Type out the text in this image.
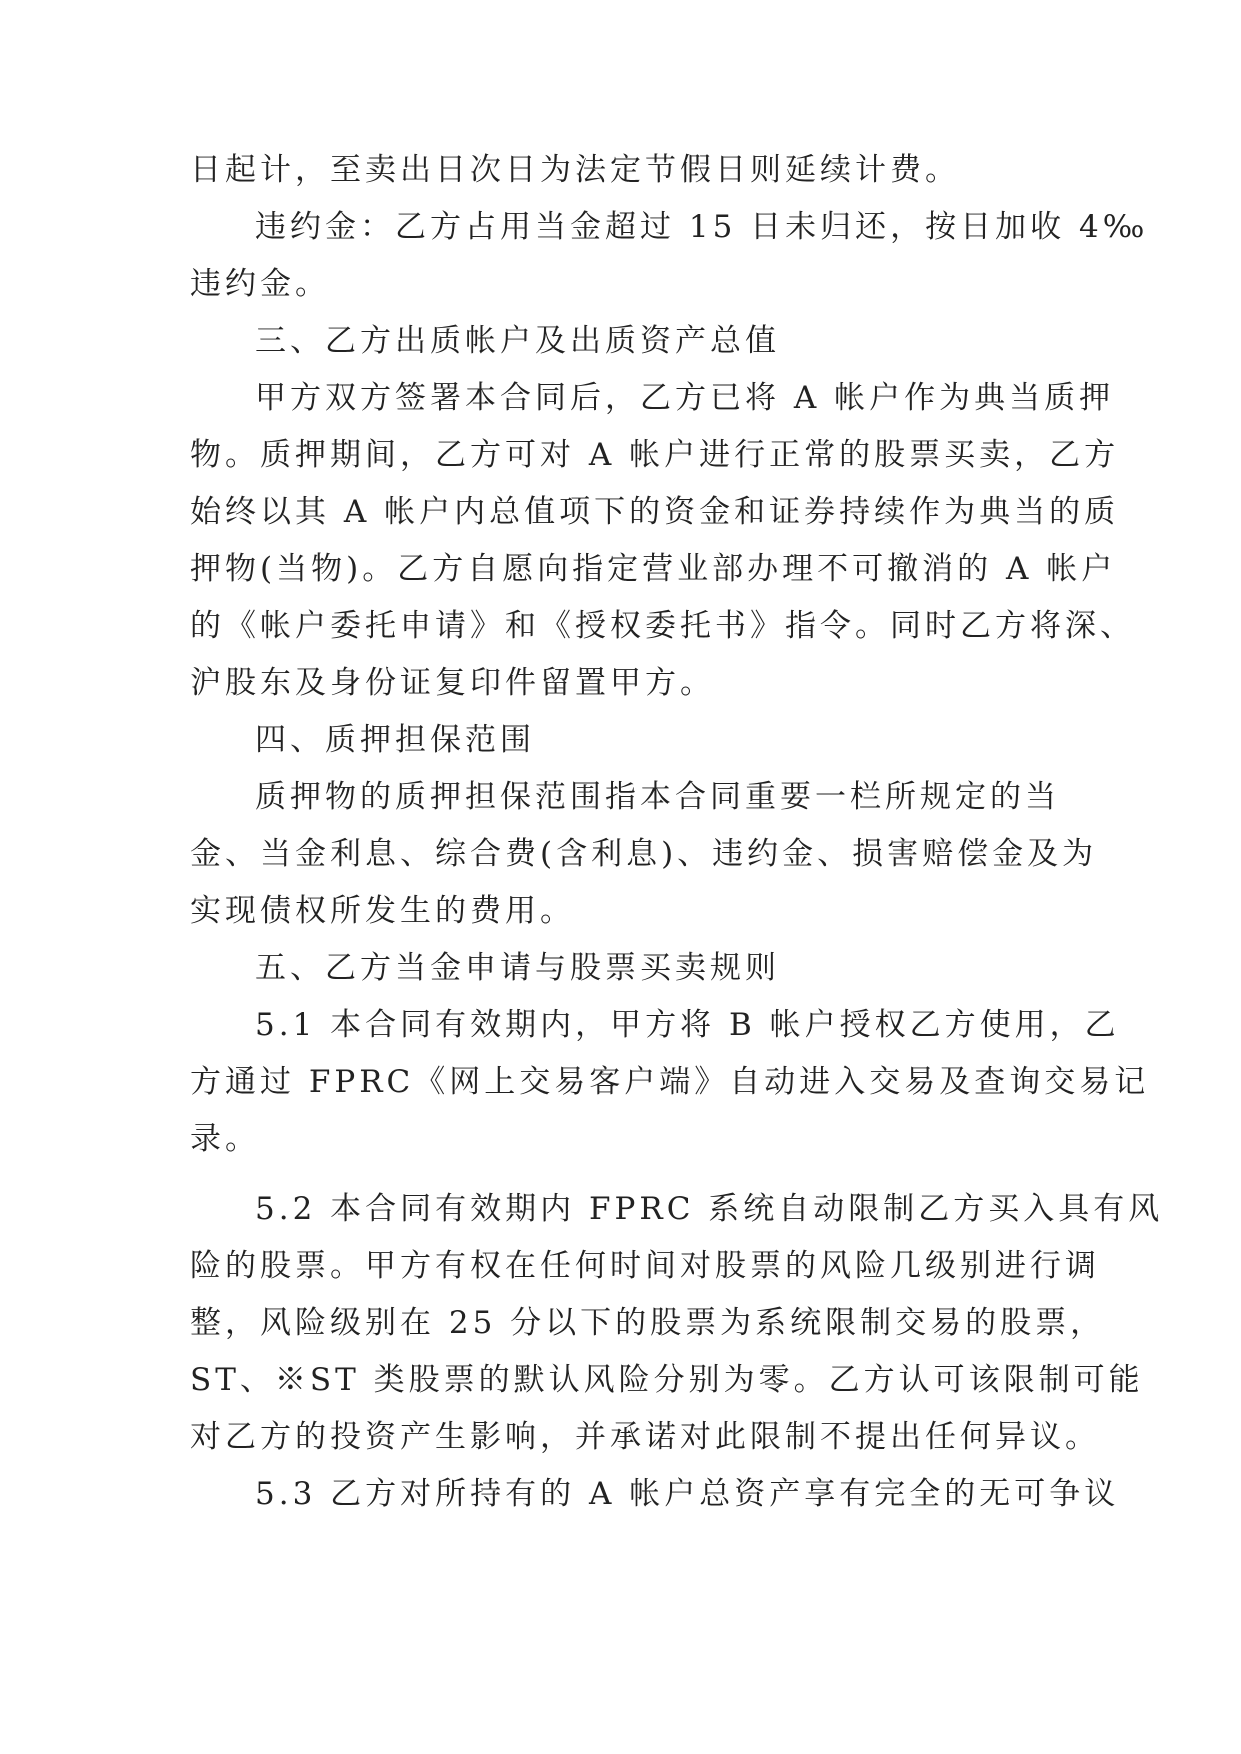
日起计，至卖出日次日为法定节假日则延续计费。
违约金：乙方占用当金超过 15 日未归还，按日加收 4‰
违约金。
三、乙方出质帐户及出质资产总值
甲方双方签署本合同后，乙方已将 A 帐户作为典当质押
物。质押期间，乙方可对 A 帐户进行正常的股票买卖，乙方
始终以其 A 帐户内总值项下的资金和证券持续作为典当的质
押物(当物)。乙方自愿向指定营业部办理不可撤消的 A 帐户
的《帐户委托申请》和《授权委托书》指令。同时乙方将深、
沪股东及身份证复印件留置甲方。
四、质押担保范围
质押物的质押担保范围指本合同重要一栏所规定的当
金、当金利息、综合费(含利息)、违约金、损害赔偿金及为
实现债权所发生的费用。
五、乙方当金申请与股票买卖规则
5.1 本合同有效期内，甲方将 B 帐户授权乙方使用，乙
方通过 FPRC《网上交易客户端》自动进入交易及查询交易记
录。
5.2 本合同有效期内 FPRC 系统自动限制乙方买入具有风
险的股票。甲方有权在任何时间对股票的风险几级别进行调
整，风险级别在 25 分以下的股票为系统限制交易的股票，
ST、※ST 类股票的默认风险分别为零。乙方认可该限制可能
对乙方的投资产生影响，并承诺对此限制不提出任何异议。
5.3 乙方对所持有的 A 帐户总资产享有完全的无可争议
